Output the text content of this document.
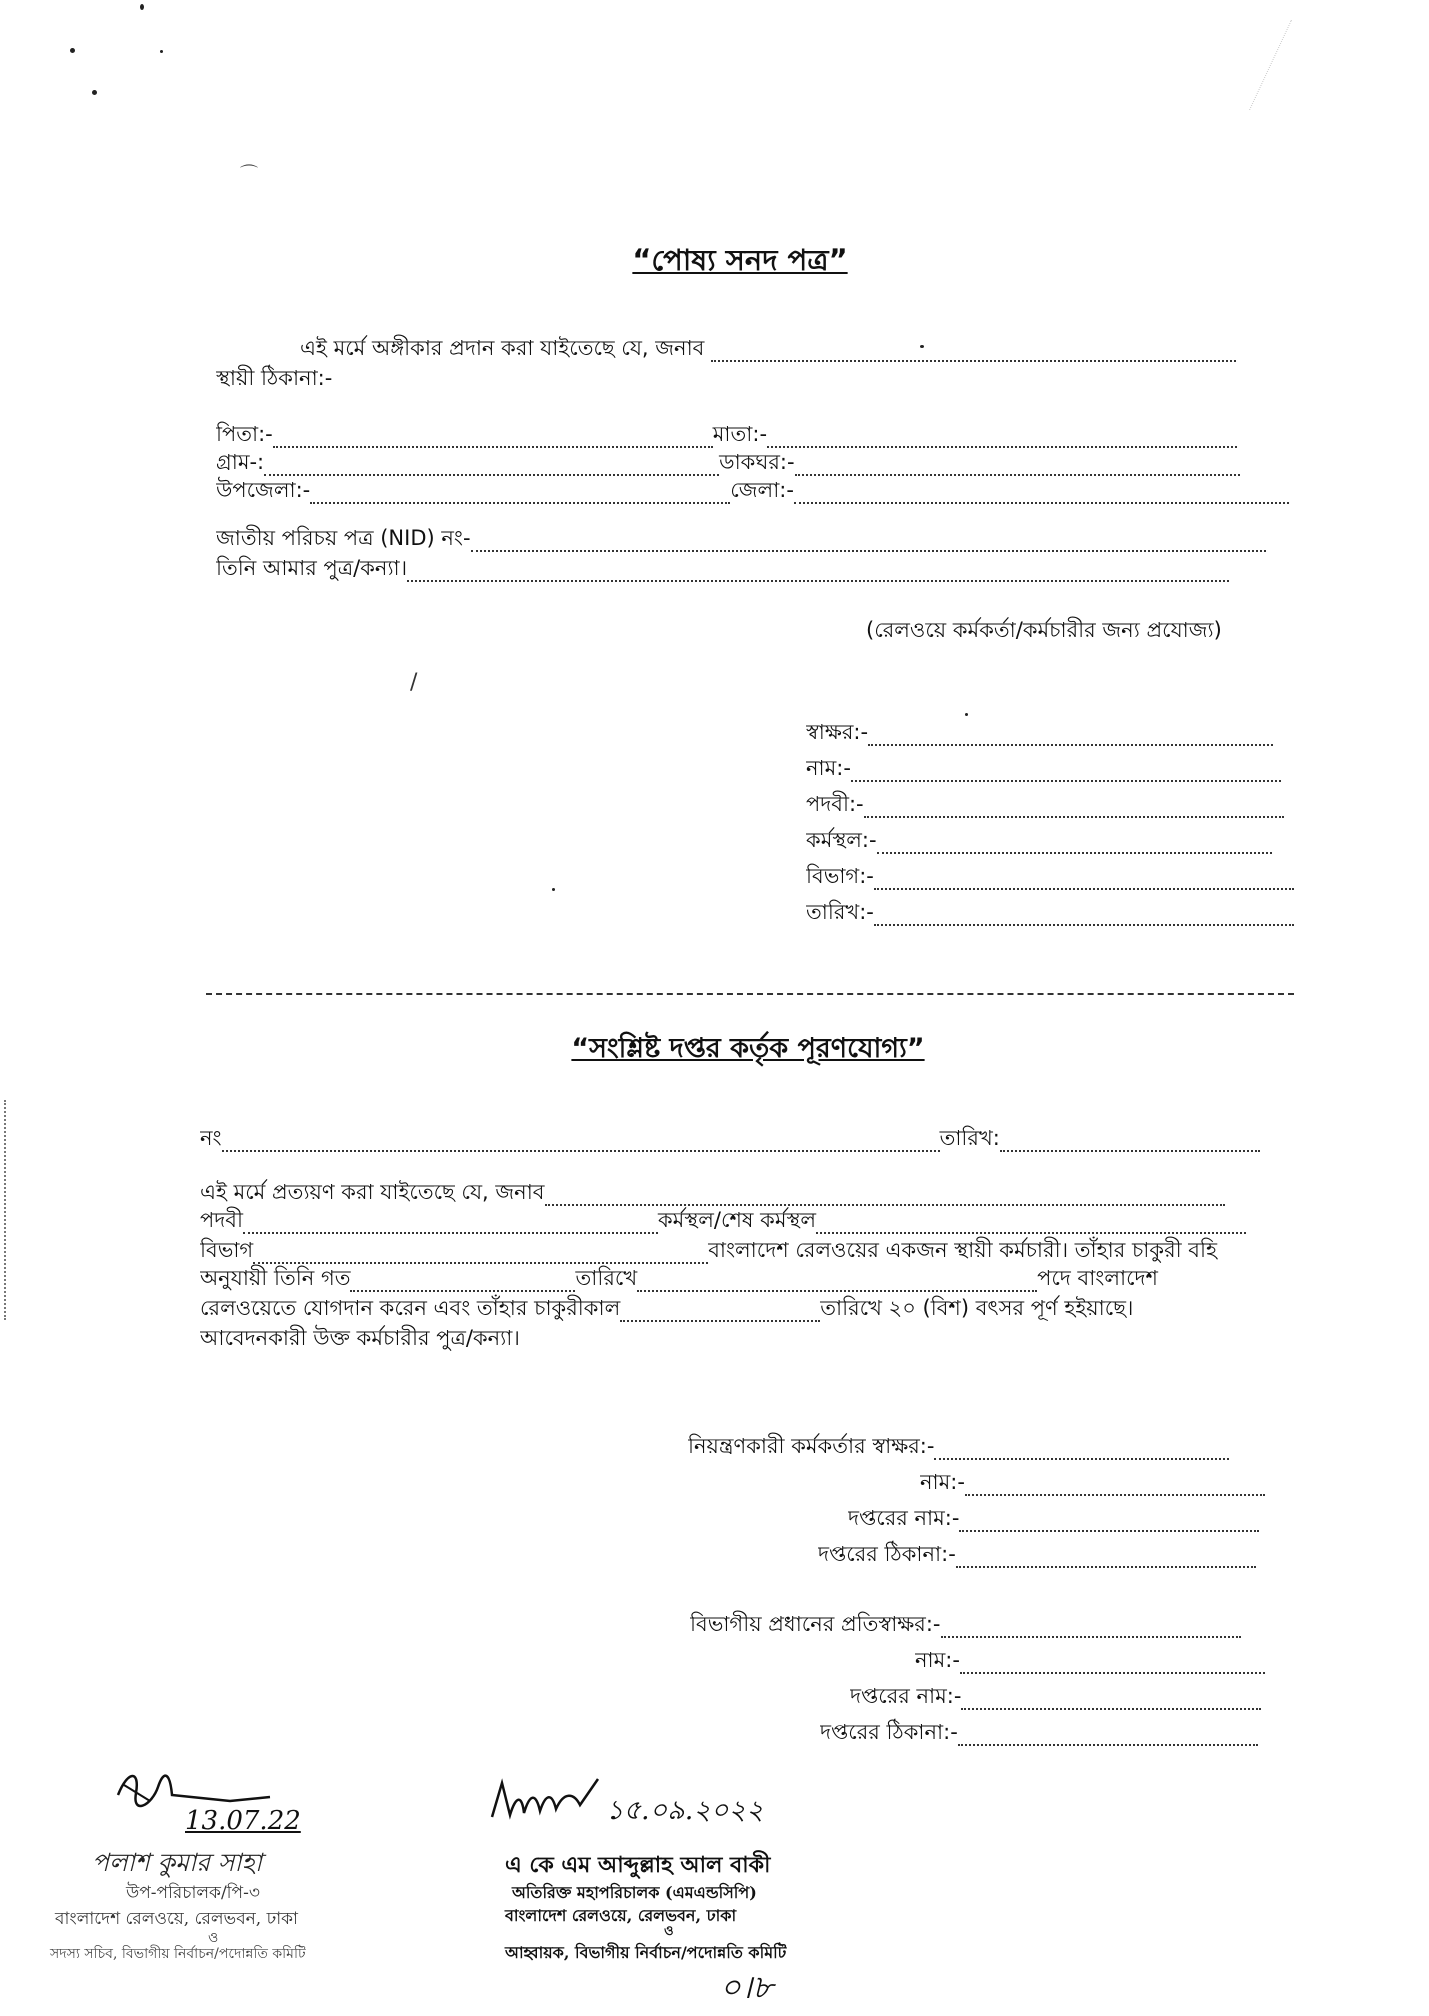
⌒
/
“পোষ্য সনদ পত্র”
এই মর্মে অঙ্গীকার প্রদান করা যাইতেছে যে, জনাব
স্থায়ী ঠিকানা:-
পিতা:-	মাতা:-
গ্রাম-:	ডাকঘর:-
উপজেলা:-	জেলা:-
জাতীয় পরিচয় পত্র (NID) নং-
তিনি আমার পুত্র/কন্যা।
(রেলওয়ে কর্মকর্তা/কর্মচারীর জন্য প্রযোজ্য)
স্বাক্ষর:-
নাম:-
পদবী:-
কর্মস্থল:-
বিভাগ:-
তারিখ:-
“সংশ্লিষ্ট দপ্তর কর্তৃক পূরণযোগ্য”
নং	তারিখ:
এই মর্মে প্রত্যয়ণ করা যাইতেছে যে, জনাব
পদবী	কর্মস্থল/শেষ কর্মস্থল
বিভাগ	বাংলাদেশ রেলওয়ের একজন স্থায়ী কর্মচারী। তাঁহার চাকুরী বহি
অনুযায়ী তিনি গত	তারিখে	পদে বাংলাদেশ
রেলওয়েতে যোগদান করেন এবং তাঁহার চাকুরীকাল	তারিখে ২০ (বিশ) বৎসর পূর্ণ হইয়াছে।
আবেদনকারী উক্ত কর্মচারীর পুত্র/কন্যা।
নিয়ন্ত্রণকারী কর্মকর্তার স্বাক্ষর:-
নাম:-
দপ্তরের নাম:-
দপ্তরের ঠিকানা:-
বিভাগীয় প্রধানের প্রতিস্বাক্ষর:-
নাম:-
দপ্তরের নাম:-
দপ্তরের ঠিকানা:-
13.07.22
পলাশ কুমার সাহা
উপ-পরিচালক/পি-৩
বাংলাদেশ রেলওয়ে, রেলভবন, ঢাকা
ও
সদস্য সচিব, বিভাগীয় নির্বাচন/পদোন্নতি কমিটি
১৫.০৯.২০২২
এ কে এম আব্দুল্লাহ আল বাকী
অতিরিক্ত মহাপরিচালক (এমএন্ডসিপি)
বাংলাদেশ রেলওয়ে, রেলভবন, ঢাকা
ও
আহ্বায়ক, বিভাগীয় নির্বাচন/পদোন্নতি কমিটি
০।৮
